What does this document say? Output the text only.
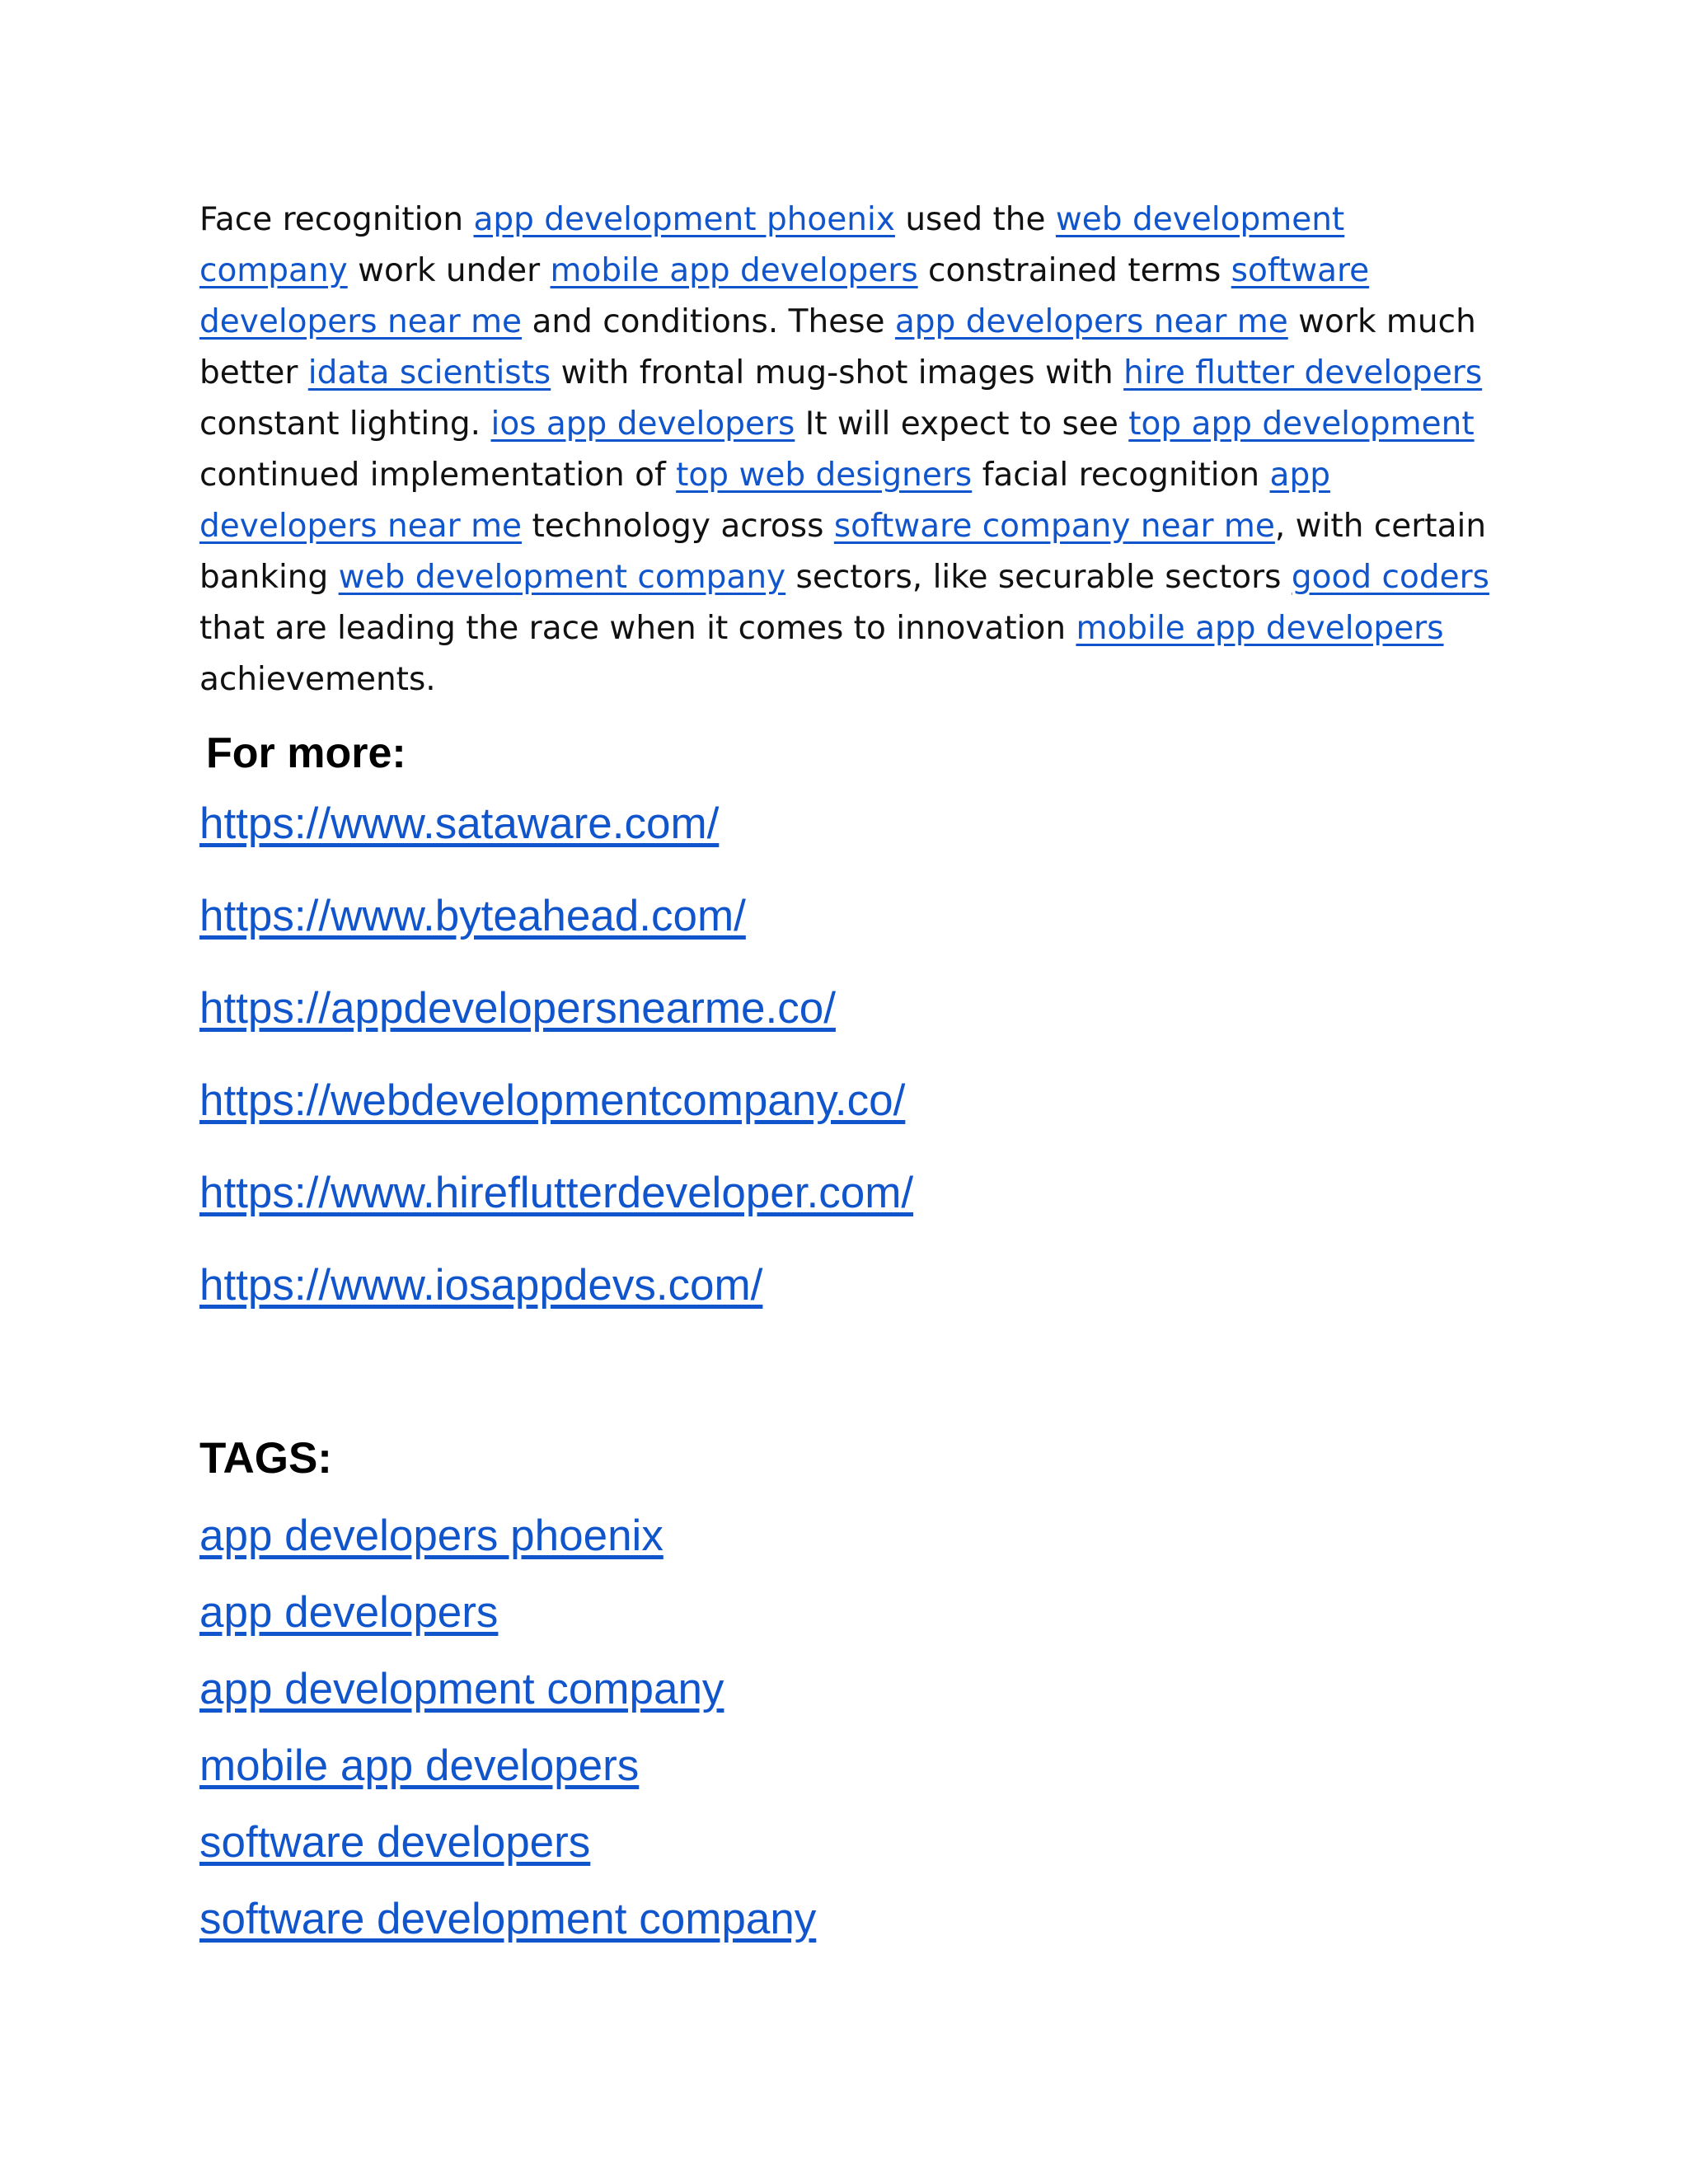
Face recognition app development phoenix used the web development company work under mobile app developers constrained terms software developers near me and conditions. These app developers near me work much better idata scientists with frontal mug-shot images with hire flutter developers constant lighting. ios app developers It will expect to see top app development continued implementation of top web designers facial recognition app developers near me technology across software company near me, with certain banking web development company sectors, like securable sectors good coders that are leading the race when it comes to innovation mobile app developers achievements.

For more:
https://www.sataware.com/
https://www.byteahead.com/
https://appdevelopersnearme.co/
https://webdevelopmentcompany.co/
https://www.hireflutterdeveloper.com/
https://www.iosappdevs.com/
TAGS:
app developers phoenix
app developers
app development company
mobile app developers
software developers
software development company
